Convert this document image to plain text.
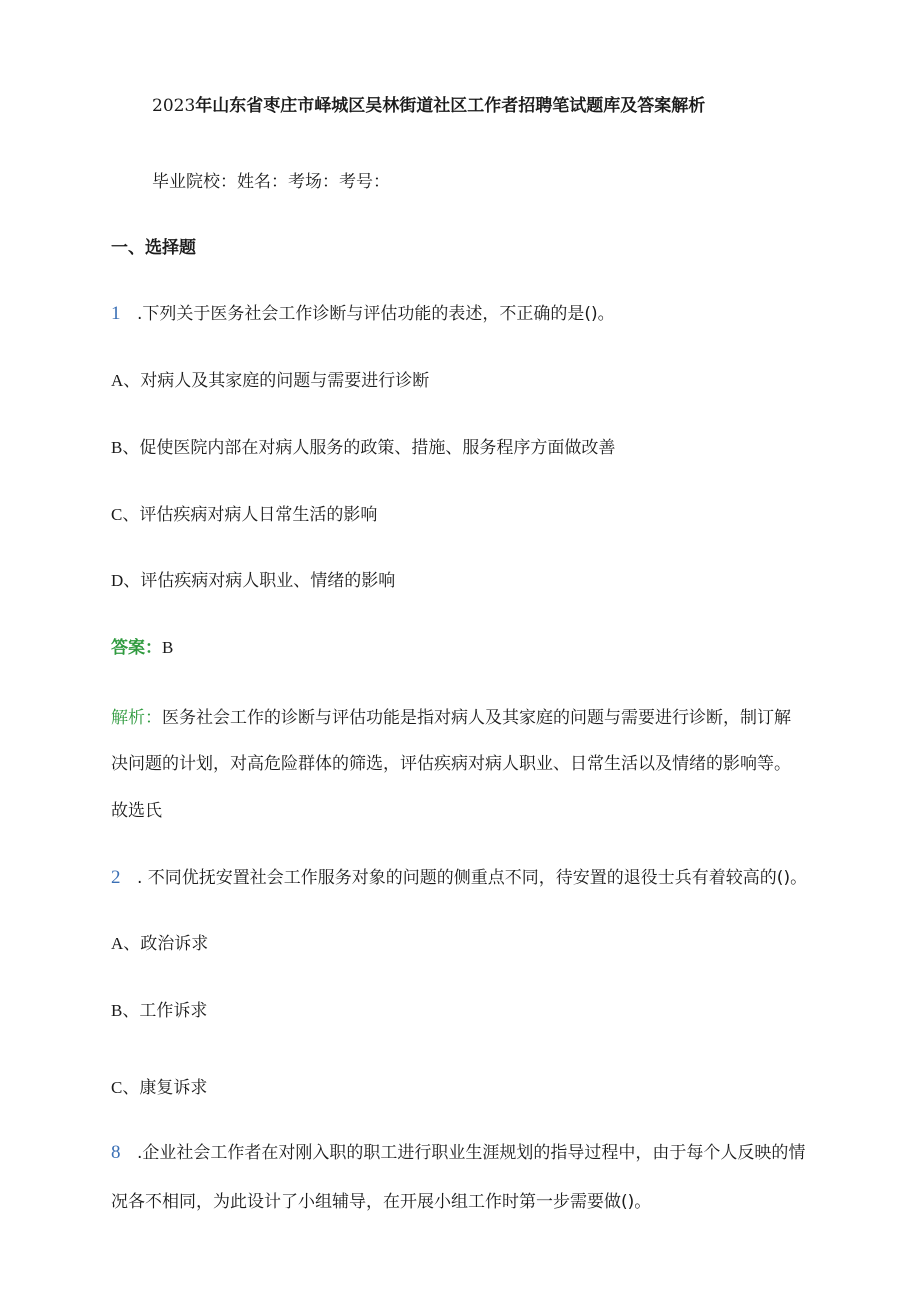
2023年山东省枣庄市峄城区吴林街道社区工作者招聘笔试题库及答案解析
毕业院校：姓名：考场：考号：
一、选择题
1 .下列关于医务社会工作诊断与评估功能的表述，不正确的是()。
A、对病人及其家庭的问题与需要进行诊断
B、促使医院内部在对病人服务的政策、措施、服务程序方面做改善
C、评估疾病对病人日常生活的影响
D、评估疾病对病人职业、情绪的影响
答案：B
解析：医务社会工作的诊断与评估功能是指对病人及其家庭的问题与需要进行诊断，制订解
决问题的计划，对高危险群体的筛选，评估疾病对病人职业、日常生活以及情绪的影响等。
故选氏
2 . 不同优抚安置社会工作服务对象的问题的侧重点不同，待安置的退役士兵有着较高的()。
A、政治诉求
B、工作诉求
C、康复诉求
8 .企业社会工作者在对刚入职的职工进行职业生涯规划的指导过程中，由于每个人反映的情
况各不相同，为此设计了小组辅导，在开展小组工作时第一步需要做()。
